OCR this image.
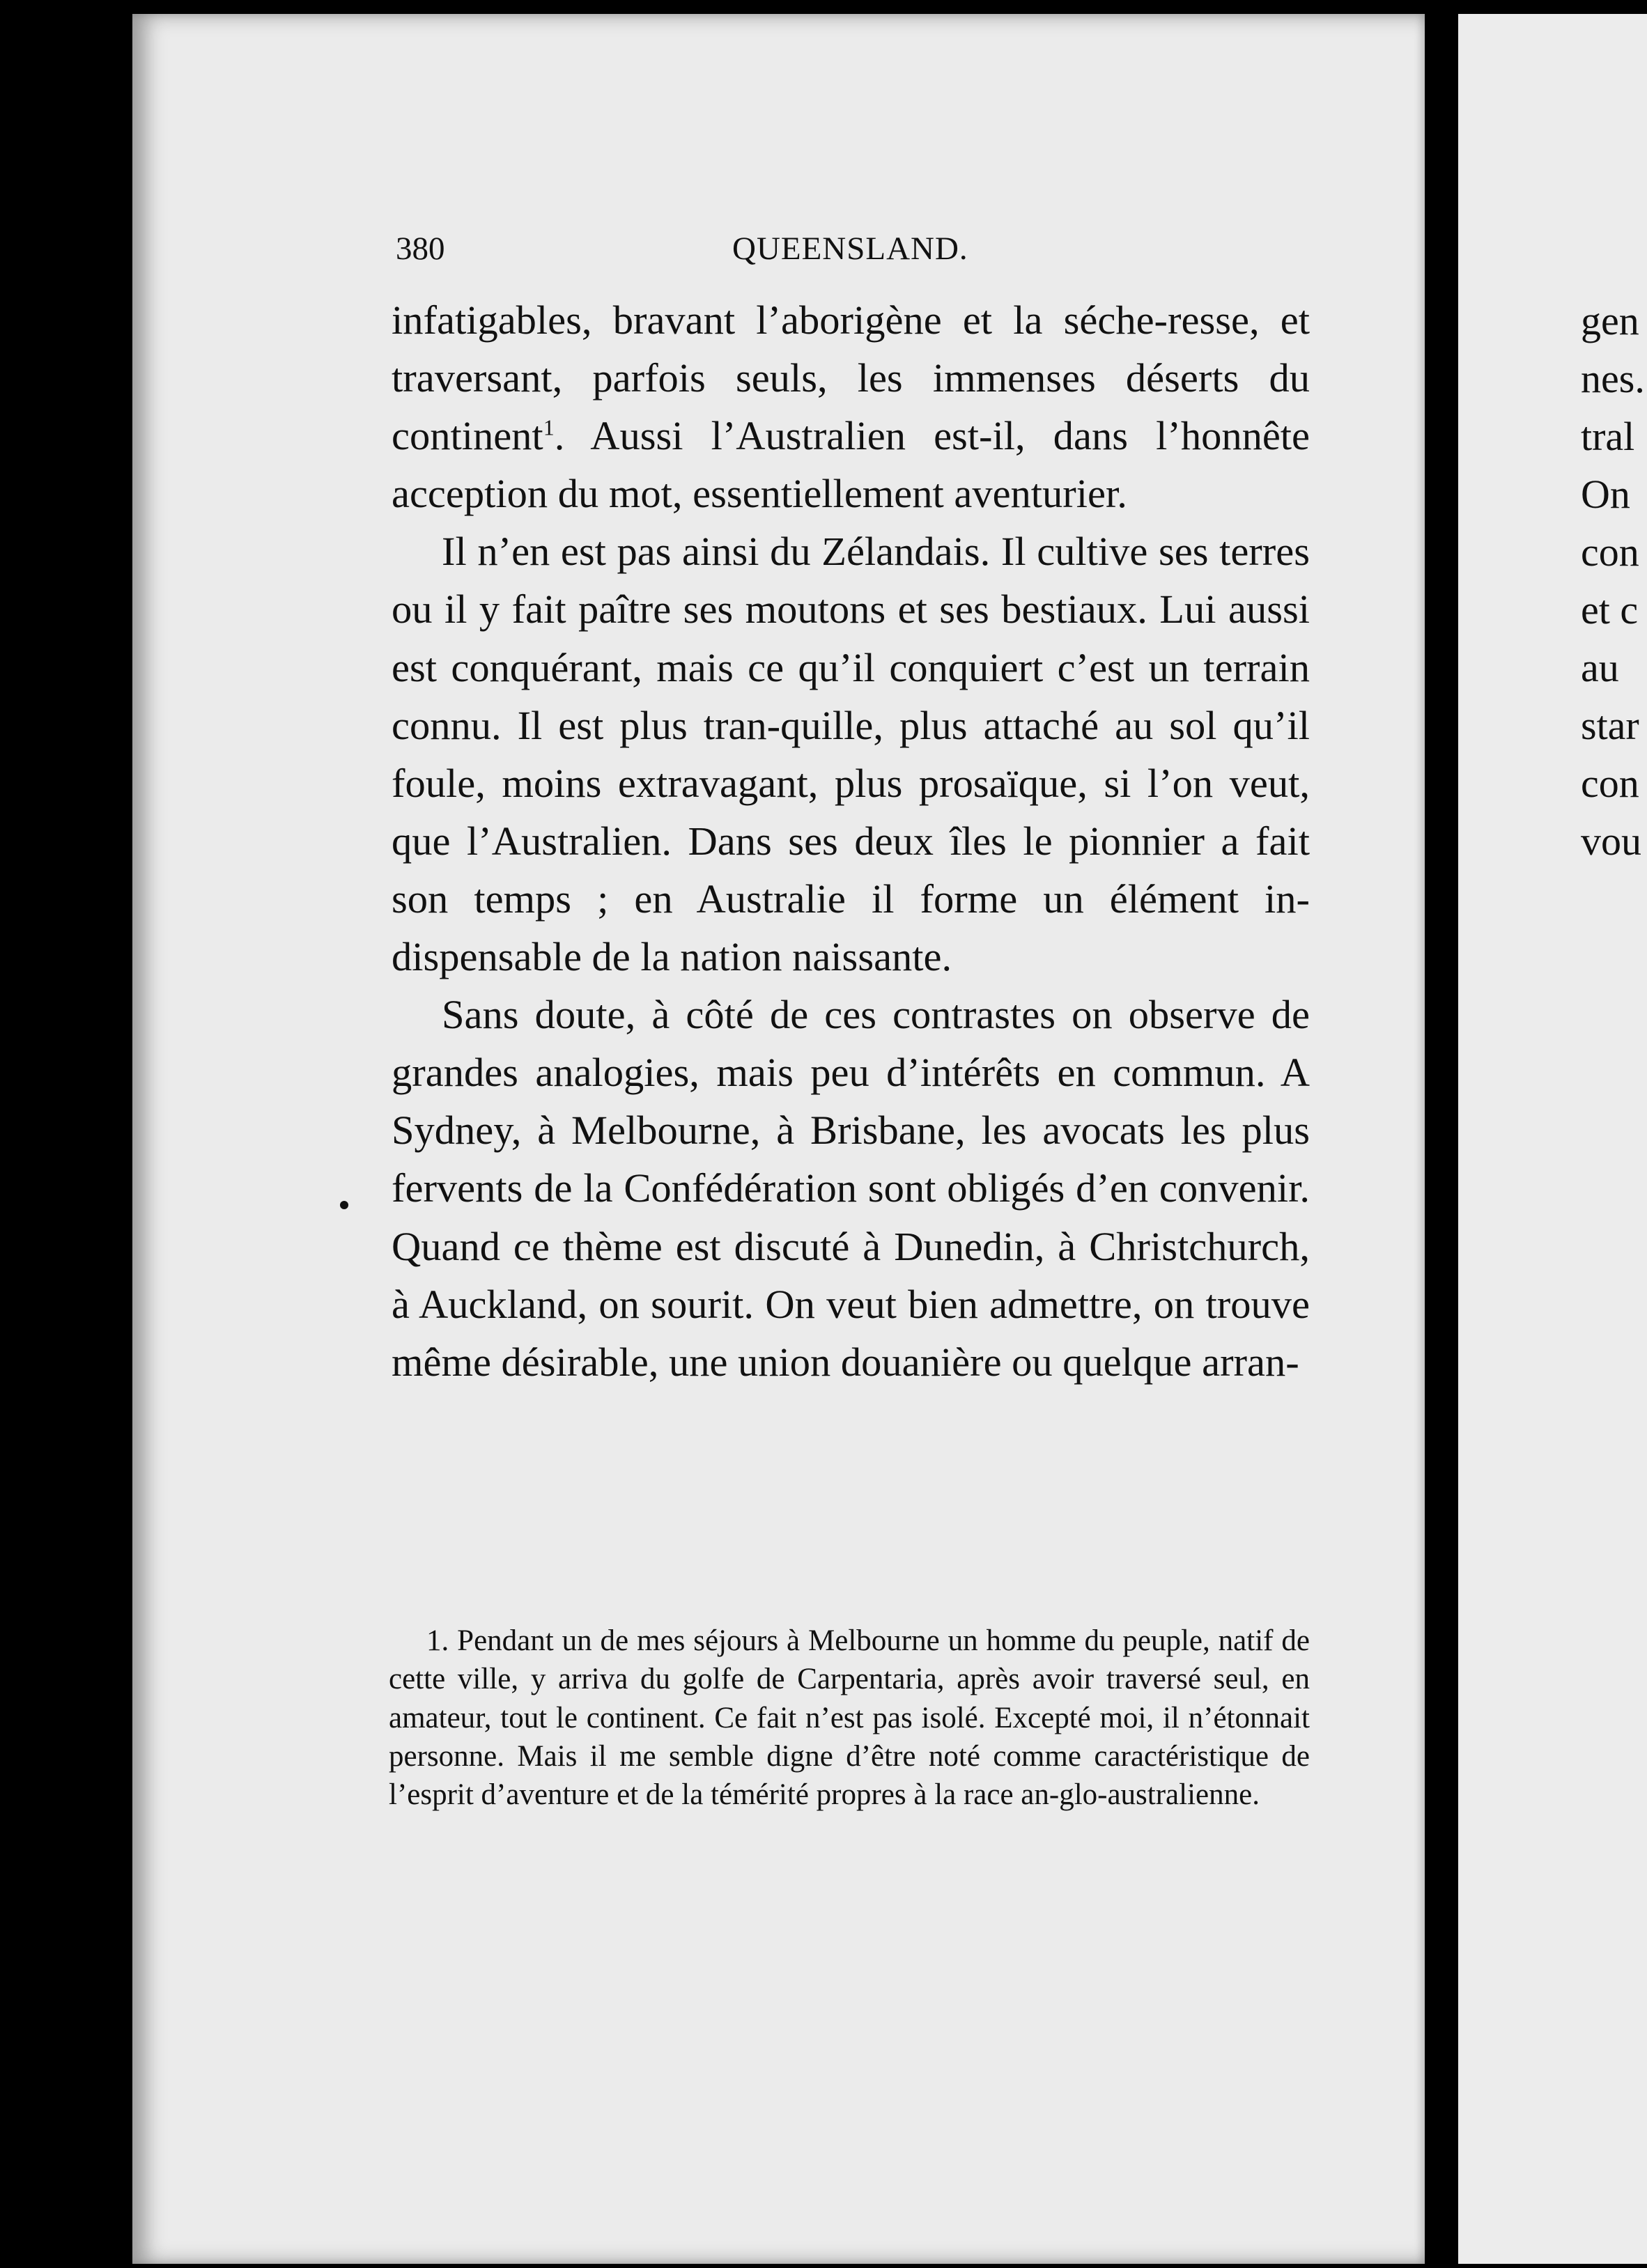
380	QUEENSLAND.

infatigables, bravant l’aborigène et la séche-resse, et traversant, parfois seuls, les immenses déserts du continent$^1$. Aussi l’Australien est-il, dans l’honnête acception du mot, essentiellement aventurier.

Il n’en est pas ainsi du Zélandais. Il cultive ses terres ou il y fait paître ses moutons et ses bestiaux. Lui aussi est conquérant, mais ce qu’il conquiert c’est un terrain connu. Il est plus tran-quille, plus attaché au sol qu’il foule, moins extravagant, plus prosaïque, si l’on veut, que l’Australien. Dans ses deux îles le pionnier a fait son temps ; en Australie il forme un élément in-dispensable de la nation naissante.

Sans doute, à côté de ces contrastes on observe de grandes analogies, mais peu d’intérêts en commun. A Sydney, à Melbourne, à Brisbane, les avocats les plus fervents de la Confédération sont obligés d’en convenir. Quand ce thème est discuté à Dunedin, à Christchurch, à Auckland, on sourit. On veut bien admettre, on trouve même désirable, une union douanière ou quelque arran-

1. Pendant un de mes séjours à Melbourne un homme du peuple, natif de cette ville, y arriva du golfe de Carpentaria, après avoir traversé seul, en amateur, tout le continent. Ce fait n’est pas isolé. Excepté moi, il n’étonnait personne. Mais il me semble digne d’être noté comme caractéristique de l’esprit d’aventure et de la témérité propres à la race an-glo-australienne.

gen
nes.
tral
On
con
et c
au
star
con
vou
